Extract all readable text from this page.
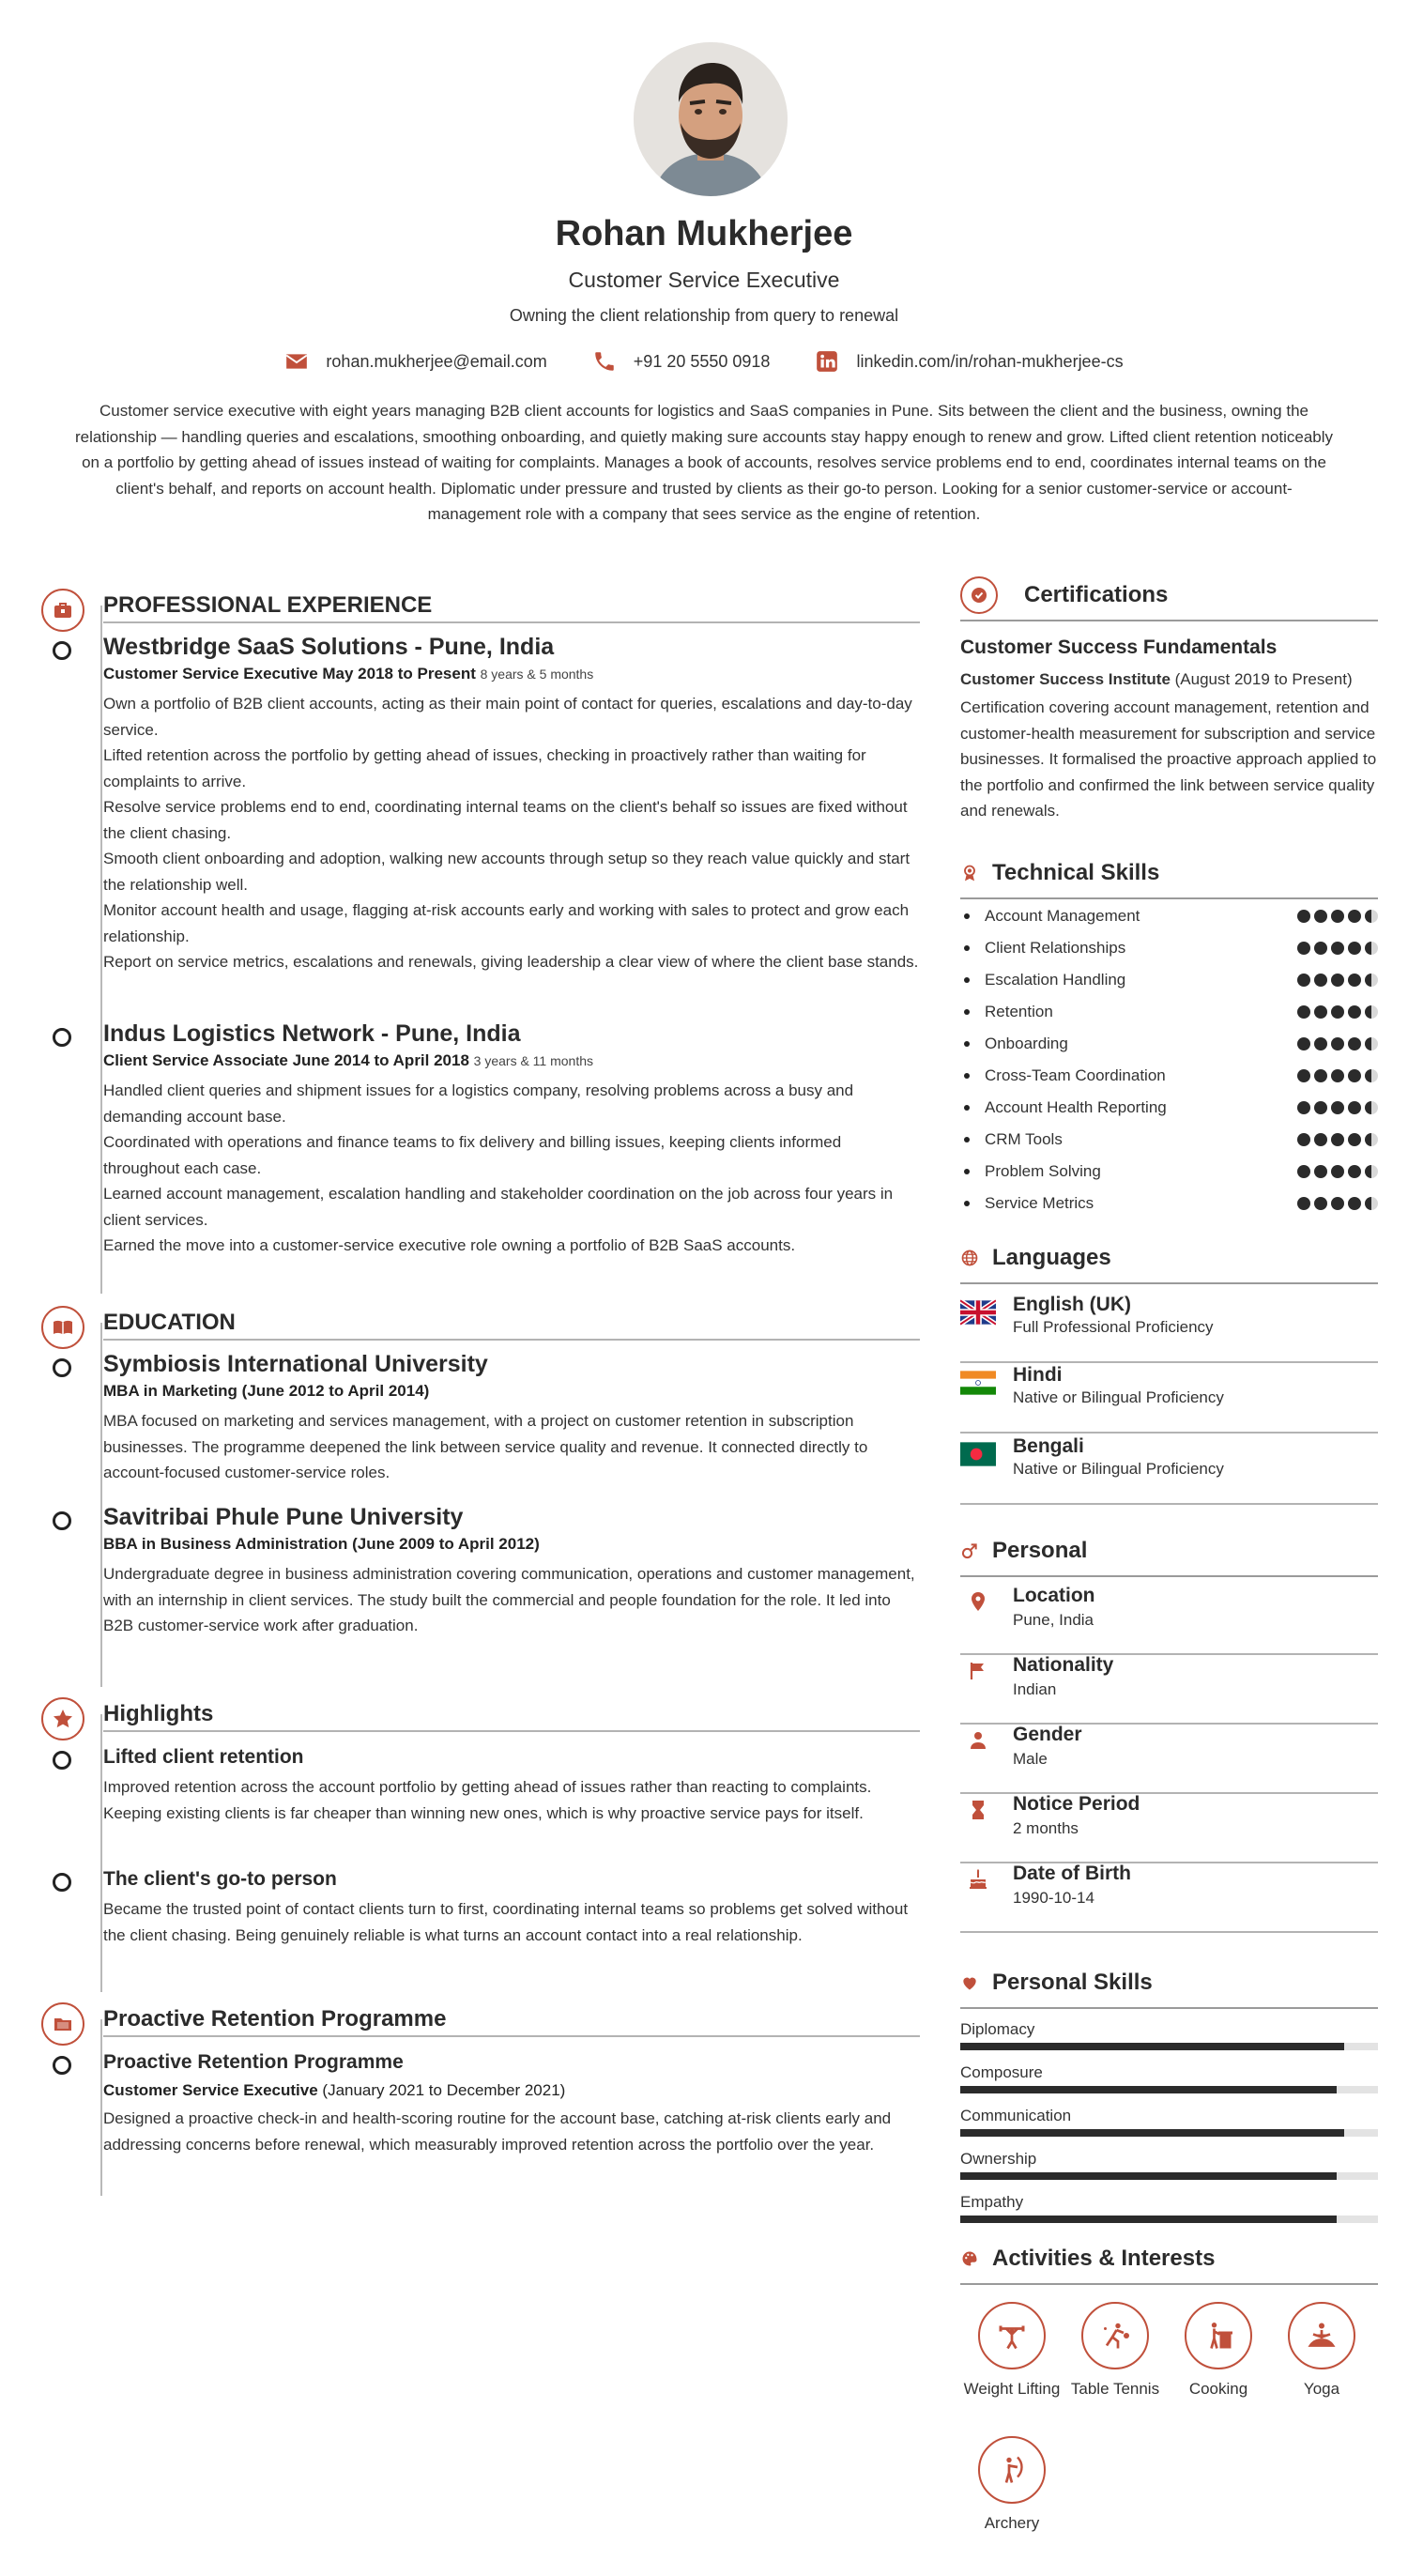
Rohan Mukherjee
Customer Service Executive
Owning the client relationship from query to renewal
rohan.mukherjee@email.com	+91 20 5550 0918	linkedin.com/in/rohan-mukherjee-cs
Customer service executive with eight years managing B2B client accounts for logistics and SaaS companies in Pune. Sits between the client and the business, owning the relationship — handling queries and escalations, smoothing onboarding, and quietly making sure accounts stay happy enough to renew and grow. Lifted client retention noticeably on a portfolio by getting ahead of issues instead of waiting for complaints. Manages a book of accounts, resolves service problems end to end, coordinates internal teams on the client's behalf, and reports on account health. Diplomatic under pressure and trusted by clients as their go-to person. Looking for a senior customer-service or account-management role with a company that sees service as the engine of retention.
PROFESSIONAL EXPERIENCE
Westbridge SaaS Solutions - Pune, India
Customer Service Executive May 2018 to Present 8 years & 5 months
Own a portfolio of B2B client accounts, acting as their main point of contact for queries, escalations and day-to-day service.
Lifted retention across the portfolio by getting ahead of issues, checking in proactively rather than waiting for complaints to arrive.
Resolve service problems end to end, coordinating internal teams on the client's behalf so issues are fixed without the client chasing.
Smooth client onboarding and adoption, walking new accounts through setup so they reach value quickly and start the relationship well.
Monitor account health and usage, flagging at-risk accounts early and working with sales to protect and grow each relationship.
Report on service metrics, escalations and renewals, giving leadership a clear view of where the client base stands.
Indus Logistics Network - Pune, India
Client Service Associate June 2014 to April 2018 3 years & 11 months
Handled client queries and shipment issues for a logistics company, resolving problems across a busy and demanding account base.
Coordinated with operations and finance teams to fix delivery and billing issues, keeping clients informed throughout each case.
Learned account management, escalation handling and stakeholder coordination on the job across four years in client services.
Earned the move into a customer-service executive role owning a portfolio of B2B SaaS accounts.
EDUCATION
Symbiosis International University
MBA in Marketing (June 2012 to April 2014)
MBA focused on marketing and services management, with a project on customer retention in subscription businesses. The programme deepened the link between service quality and revenue. It connected directly to account-focused customer-service roles.
Savitribai Phule Pune University
BBA in Business Administration (June 2009 to April 2012)
Undergraduate degree in business administration covering communication, operations and customer management, with an internship in client services. The study built the commercial and people foundation for the role. It led into B2B customer-service work after graduation.
Highlights
Lifted client retention
Improved retention across the account portfolio by getting ahead of issues rather than reacting to complaints. Keeping existing clients is far cheaper than winning new ones, which is why proactive service pays for itself.
The client's go-to person
Became the trusted point of contact clients turn to first, coordinating internal teams so problems get solved without the client chasing. Being genuinely reliable is what turns an account contact into a real relationship.
Proactive Retention Programme
Proactive Retention Programme
Customer Service Executive (January 2021 to December 2021)
Designed a proactive check-in and health-scoring routine for the account base, catching at-risk clients early and addressing concerns before renewal, which measurably improved retention across the portfolio over the year.
Certifications
Customer Success Fundamentals
Customer Success Institute (August 2019 to Present)
Certification covering account management, retention and customer-health measurement for subscription and service businesses. It formalised the proactive approach applied to the portfolio and confirmed the link between service quality and renewals.
Technical Skills
Account Management
Client Relationships
Escalation Handling
Retention
Onboarding
Cross-Team Coordination
Account Health Reporting
CRM Tools
Problem Solving
Service Metrics
Languages
English (UK)
Full Professional Proficiency
Hindi
Native or Bilingual Proficiency
Bengali
Native or Bilingual Proficiency
Personal
Location
Pune, India
Nationality
Indian
Gender
Male
Notice Period
2 months
Date of Birth
1990-10-14
Personal Skills
Diplomacy
Composure
Communication
Ownership
Empathy
Activities & Interests
Weight Lifting Table Tennis	Cooking	Yoga
Archery
